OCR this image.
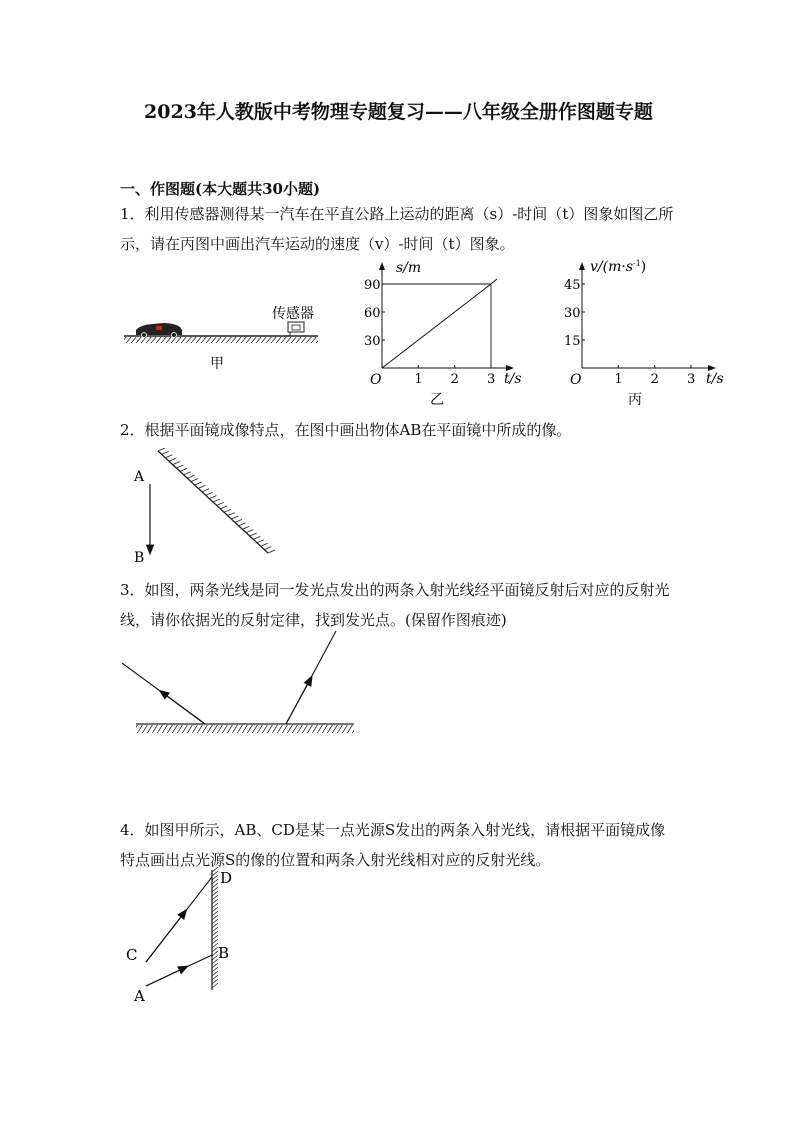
2023年人教版中考物理专题复习——八年级全册作图题专题
一、作图题(本大题共30小题)
1．利用传感器测得某一汽车在平直公路上运动的距离（s）-时间（t）图象如图乙所示，请在丙图中画出汽车运动的速度（v）-时间（t）图象。
传感器
甲
1 2 3
30
60
90
s/m
t/s
O
乙
1 2 3
15
30
45
$v/(m\cdot s^{-1})$
t/s
O
丙
2．根据平面镜成像特点，在图中画出物体AB在平面镜中所成的像。
A
B
3．如图，两条光线是同一发光点发出的两条入射光线经平面镜反射后对应的反射光线，请你依据光的反射定律，找到发光点。(保留作图痕迹)
4．如图甲所示，AB、CD是某一点光源S发出的两条入射光线，请根据平面镜成像特点画出点光源S的像的位置和两条入射光线相对应的反射光线。
D
B
C
A
